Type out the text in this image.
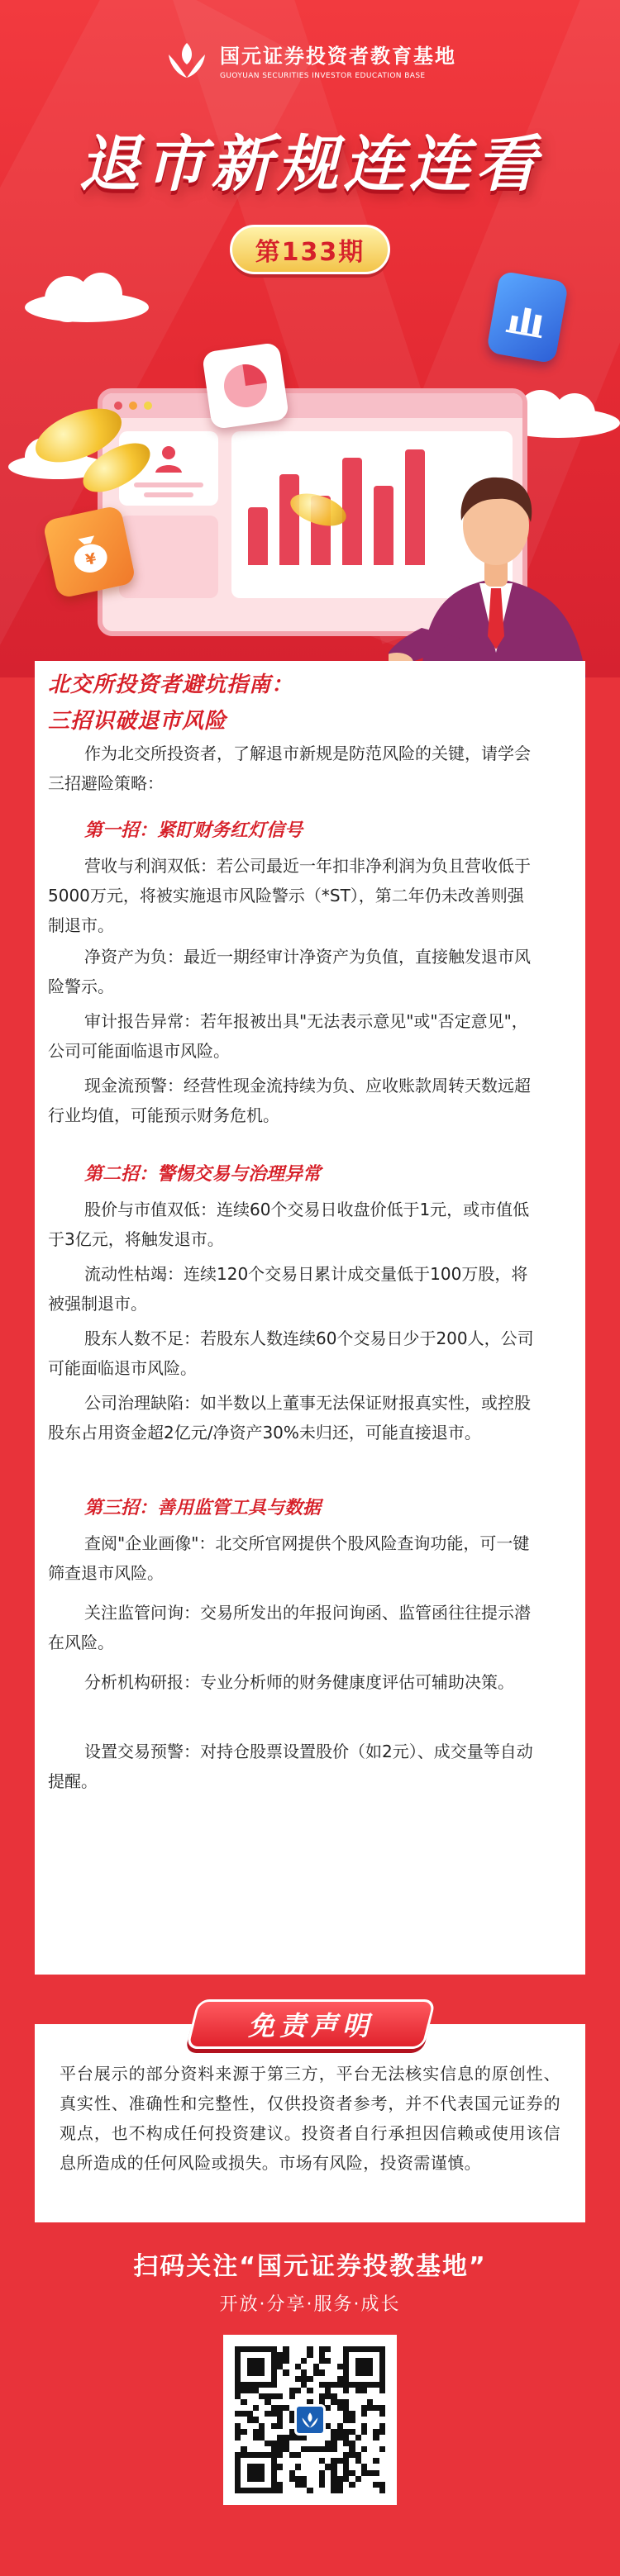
¥
国元证券投资者教育基地
GUOYUAN SECURITIES INVESTOR EDUCATION BASE
退市新规连连看
第133期
北交所投资者避坑指南：
三招识破退市风险
作为北交所投资者，了解退市新规是防范风险的关键，请学会三招避险策略：
第一招：紧盯财务红灯信号
营收与利润双低：若公司最近一年扣非净利润为负且营收低于5000万元，将被实施退市风险警示（*ST），第二年仍未改善则强制退市。
净资产为负：最近一期经审计净资产为负值，直接触发退市风险警示。
审计报告异常：若年报被出具"无法表示意见"或"否定意见"，公司可能面临退市风险。
现金流预警：经营性现金流持续为负、应收账款周转天数远超行业均值，可能预示财务危机。
第二招：警惕交易与治理异常
股价与市值双低：连续60个交易日收盘价低于1元，或市值低于3亿元，将触发退市。
流动性枯竭：连续120个交易日累计成交量低于100万股，将被强制退市。
股东人数不足：若股东人数连续60个交易日少于200人，公司可能面临退市风险。
公司治理缺陷：如半数以上董事无法保证财报真实性，或控股股东占用资金超2亿元/净资产30%未归还，可能直接退市。
第三招：善用监管工具与数据
查阅"企业画像"：北交所官网提供个股风险查询功能，可一键筛查退市风险。
关注监管问询：交易所发出的年报问询函、监管函往往提示潜在风险。
分析机构研报：专业分析师的财务健康度评估可辅助决策。
设置交易预警：对持仓股票设置股价（如2元）、成交量等自动提醒。
平台展示的部分资料来源于第三方，平台无法核实信息的原创性、真实性、准确性和完整性，仅供投资者参考，并不代表国元证券的观点，也不构成任何投资建议。投资者自行承担因信赖或使用该信息所造成的任何风险或损失。市场有风险，投资需谨慎。
免责声明
扫码关注“国元证券投教基地”
开放·分享·服务·成长
